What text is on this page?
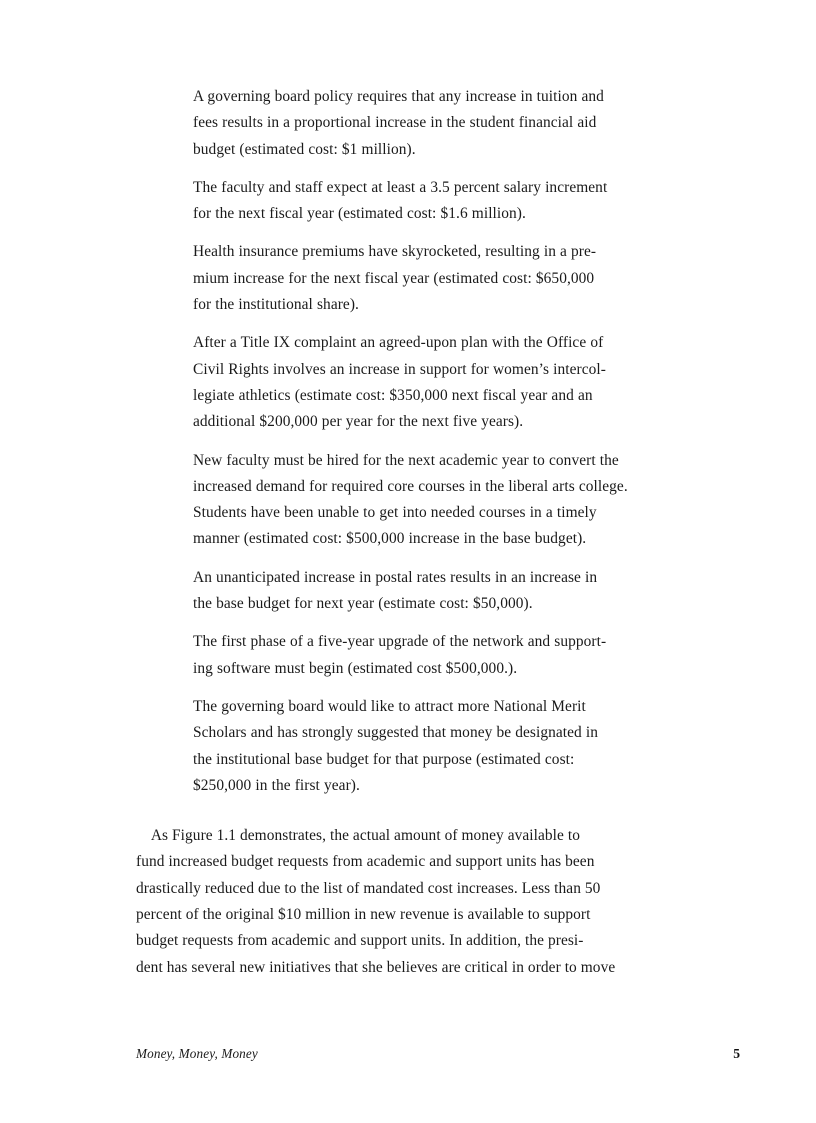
A governing board policy requires that any increase in tuition and
fees results in a proportional increase in the student financial aid
budget (estimated cost: $1 million).
The faculty and staff expect at least a 3.5 percent salary increment
for the next fiscal year (estimated cost: $1.6 million).
Health insurance premiums have skyrocketed, resulting in a pre-
mium increase for the next fiscal year (estimated cost: $650,000
for the institutional share).
After a Title IX complaint an agreed-upon plan with the Office of
Civil Rights involves an increase in support for women’s intercol-
legiate athletics (estimate cost: $350,000 next fiscal year and an
additional $200,000 per year for the next five years).
New faculty must be hired for the next academic year to convert the
increased demand for required core courses in the liberal arts college.
Students have been unable to get into needed courses in a timely
manner (estimated cost: $500,000 increase in the base budget).
An unanticipated increase in postal rates results in an increase in
the base budget for next year (estimate cost: $50,000).
The first phase of a five-year upgrade of the network and support-
ing software must begin (estimated cost $500,000.).
The governing board would like to attract more National Merit
Scholars and has strongly suggested that money be designated in
the institutional base budget for that purpose (estimated cost:
$250,000 in the first year).

As Figure 1.1 demonstrates, the actual amount of money available to
fund increased budget requests from academic and support units has been
drastically reduced due to the list of mandated cost increases. Less than 50
percent of the original $10 million in new revenue is available to support
budget requests from academic and support units. In addition, the presi-
dent has several new initiatives that she believes are critical in order to move

Money, Money, Money	5
